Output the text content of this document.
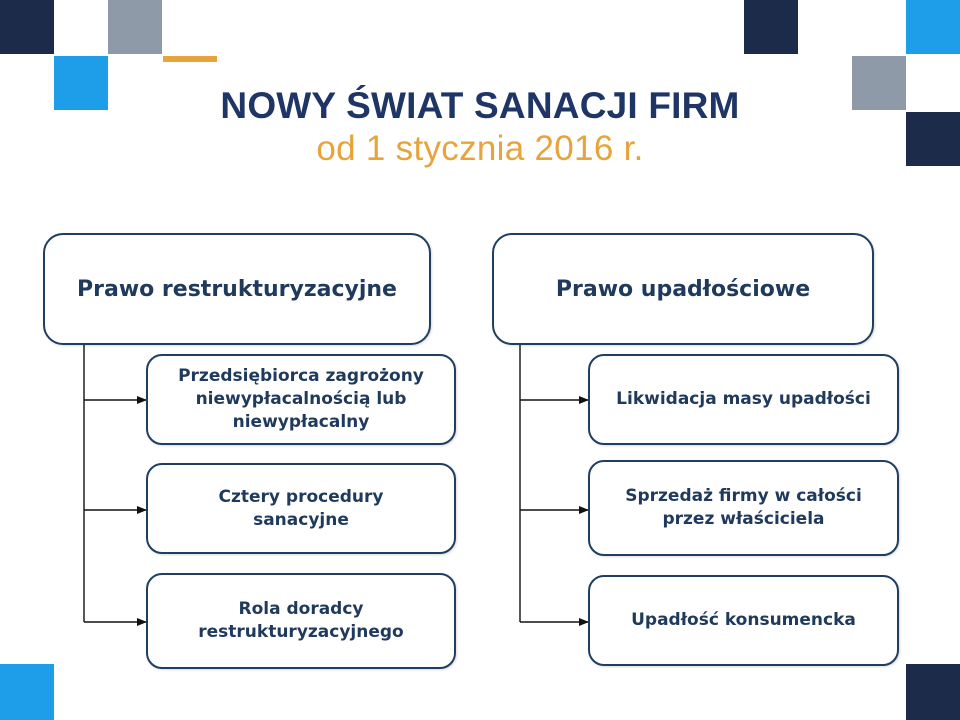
NOWY ŚWIAT SANACJI FIRM
od 1 stycznia 2016 r.
Prawo restrukturyzacyjne
Przedsiębiorca zagrożony niewypłacalnością lub niewypłacalny
Cztery procedury sanacyjne
Rola doradcy restrukturyzacyjnego
Prawo upadłościowe
Likwidacja masy upadłości
Sprzedaż firmy w całości przez właściciela
Upadłość konsumencka
